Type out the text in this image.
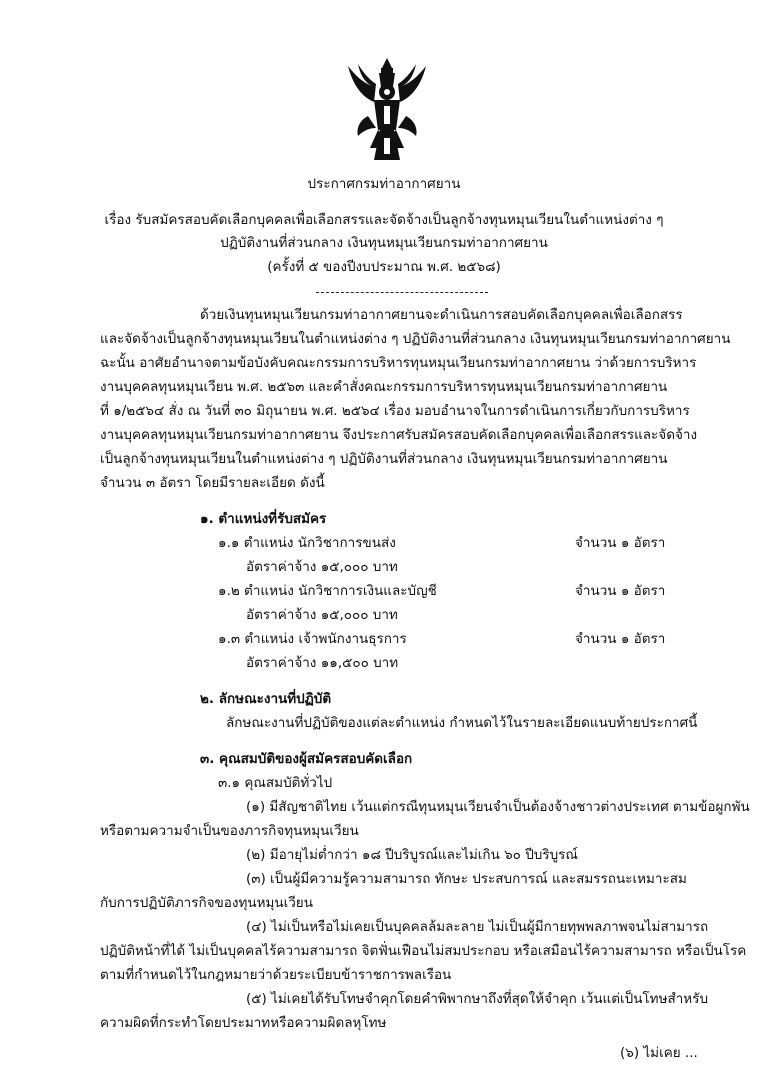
ประกาศกรมท่าอากาศยาน
เรื่อง รับสมัครสอบคัดเลือกบุคคลเพื่อเลือกสรรและจัดจ้างเป็นลูกจ้างทุนหมุนเวียนในตำแหน่งต่าง ๆ
ปฏิบัติงานที่ส่วนกลาง เงินทุนหมุนเวียนกรมท่าอากาศยาน
(ครั้งที่ ๕ ของปีงบประมาณ พ.ศ. ๒๕๖๘)
ด้วยเงินทุนหมุนเวียนกรมท่าอากาศยานจะดำเนินการสอบคัดเลือกบุคคลเพื่อเลือกสรร
และจัดจ้างเป็นลูกจ้างทุนหมุนเวียนในตำแหน่งต่าง ๆ ปฏิบัติงานที่ส่วนกลาง เงินทุนหมุนเวียนกรมท่าอากาศยาน
ฉะนั้น อาศัยอำนาจตามข้อบังคับคณะกรรมการบริหารทุนหมุนเวียนกรมท่าอากาศยาน ว่าด้วยการบริหาร
งานบุคคลทุนหมุนเวียน พ.ศ. ๒๕๖๓ และคำสั่งคณะกรรมการบริหารทุนหมุนเวียนกรมท่าอากาศยาน
ที่ ๑/๒๕๖๔ สั่ง ณ วันที่ ๓๐ มิถุนายน พ.ศ. ๒๕๖๔ เรื่อง มอบอำนาจในการดำเนินการเกี่ยวกับการบริหาร
งานบุคคลทุนหมุนเวียนกรมท่าอากาศยาน จึงประกาศรับสมัครสอบคัดเลือกบุคคลเพื่อเลือกสรรและจัดจ้าง
เป็นลูกจ้างทุนหมุนเวียนในตำแหน่งต่าง ๆ ปฏิบัติงานที่ส่วนกลาง เงินทุนหมุนเวียนกรมท่าอากาศยาน
จำนวน ๓ อัตรา โดยมีรายละเอียด ดังนี้
๑. ตำแหน่งที่รับสมัคร
๑.๑ ตำแหน่ง นักวิชาการขนส่ง	จำนวน ๑ อัตรา
อัตราค่าจ้าง ๑๕,๐๐๐ บาท
๑.๒ ตำแหน่ง นักวิชาการเงินและบัญชี	จำนวน ๑ อัตรา
อัตราค่าจ้าง ๑๕,๐๐๐ บาท
๑.๓ ตำแหน่ง เจ้าพนักงานธุรการ	จำนวน ๑ อัตรา
อัตราค่าจ้าง ๑๑,๕๐๐ บาท
๒. ลักษณะงานที่ปฏิบัติ
ลักษณะงานที่ปฏิบัติของแต่ละตำแหน่ง กำหนดไว้ในรายละเอียดแนบท้ายประกาศนี้
๓. คุณสมบัติของผู้สมัครสอบคัดเลือก
๓.๑ คุณสมบัติทั่วไป
(๑) มีสัญชาติไทย เว้นแต่กรณีทุนหมุนเวียนจำเป็นต้องจ้างชาวต่างประเทศ ตามข้อผูกพัน
หรือตามความจำเป็นของภารกิจทุนหมุนเวียน
(๒) มีอายุไม่ต่ำกว่า ๑๘ ปีบริบูรณ์และไม่เกิน ๖๐ ปีบริบูรณ์
(๓) เป็นผู้มีความรู้ความสามารถ ทักษะ ประสบการณ์ และสมรรถนะเหมาะสม
กับการปฏิบัติภารกิจของทุนหมุนเวียน
(๔) ไม่เป็นหรือไม่เคยเป็นบุคคลล้มละลาย ไม่เป็นผู้มีกายทุพพลภาพจนไม่สามารถ
ปฏิบัติหน้าที่ได้ ไม่เป็นบุคคลไร้ความสามารถ จิตฟั่นเฟือนไม่สมประกอบ หรือเสมือนไร้ความสามารถ หรือเป็นโรค
ตามที่กำหนดไว้ในกฎหมายว่าด้วยระเบียบข้าราชการพลเรือน
(๕) ไม่เคยได้รับโทษจำคุกโดยคำพิพากษาถึงที่สุดให้จำคุก เว้นแต่เป็นโทษสำหรับ
ความผิดที่กระทำโดยประมาทหรือความผิดลหุโทษ
(๖) ไม่เคย ...
